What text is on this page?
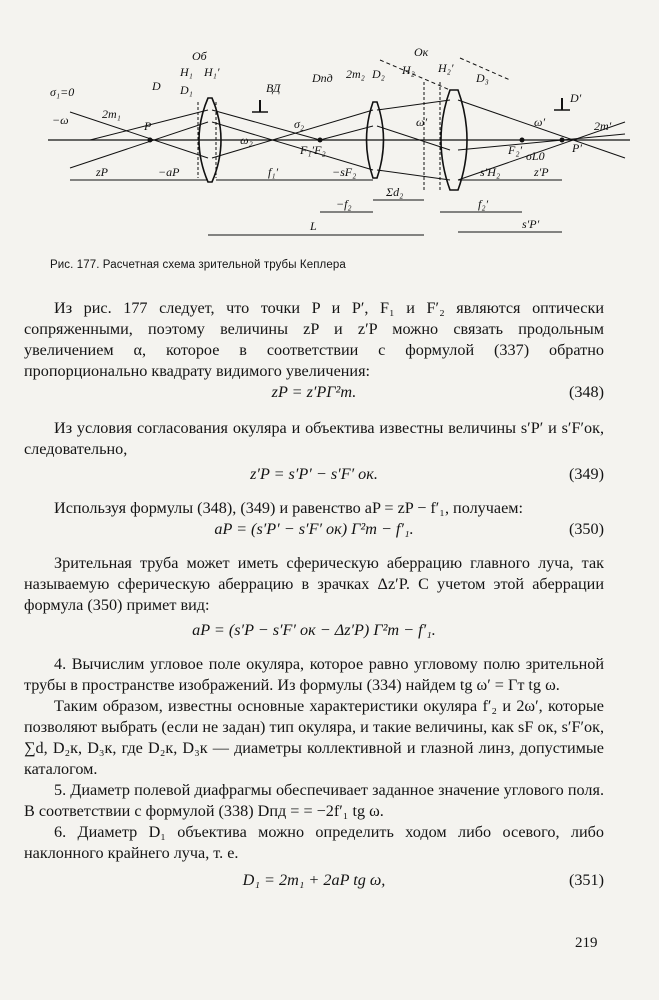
σ₁=0
−ω	2m₁
P
D D₁
Об
H₁ H₁′
ВД
Dпд 2m₂ D₂
Ок
H₂ H₂′
D₃
D′
2m′
P′
ω′	ω′
σ₂
−ω₂
F₁′F₂	F₂′ σL0
zP	−aP	f₁′	−sF₂
Σd₂
−f₂
s′H₂	z′P
f₂′
s′P′
L
Рис. 177. Расчетная схема зрительной трубы Кеплера

Из рис. 177 следует, что точки P и P′, F₁ и F′₂ являются оптически сопряженными, поэтому величины zP и z′P можно связать продольным увеличением α, которое в соответствии с формулой (337) обратно пропорционально квадрату видимого увеличения:

zP = z′PΓ²т.	(348)

Из условия согласования окуляра и объектива известны величины s′P′ и s′F′ок, следовательно,

z′P = s′P′ − s′F′ ок.	(349)

Используя формулы (348), (349) и равенство aP = zP − f′₁, получаем:

aP = (s′P′ − s′F′ ок) Γ²т − f′₁.	(350)

Зрительная труба может иметь сферическую аберрацию главного луча, так называемую сферическую аберрацию в зрачках Δz′P. С учетом этой аберрации формула (350) примет вид:

aP = (s′P − s′F′ ок − Δz′P) Γ²т − f′₁.

4. Вычислим угловое поле окуляра, которое равно угловому полю зрительной трубы в пространстве изображений. Из формулы (334) найдем tg ω′ = Γт tg ω.

Таким образом, известны основные характеристики окуляра f′₂ и 2ω′, которые позволяют выбрать (если не задан) тип окуляра, и такие величины, как sF ок, s′F′ок, ∑d, D₂к, D₃к, где D₂к, D₃к — диаметры коллективной и глазной линз, допустимые каталогом.

5. Диаметр полевой диафрагмы обеспечивает заданное значение углового поля. В соответствии с формулой (338) Dпд = = −2f′₁ tg ω.

6. Диаметр D₁ объектива можно определить ходом либо осевого, либо наклонного крайнего луча, т. е.

D₁ = 2m₁ + 2aP tg ω,	(351)
219
